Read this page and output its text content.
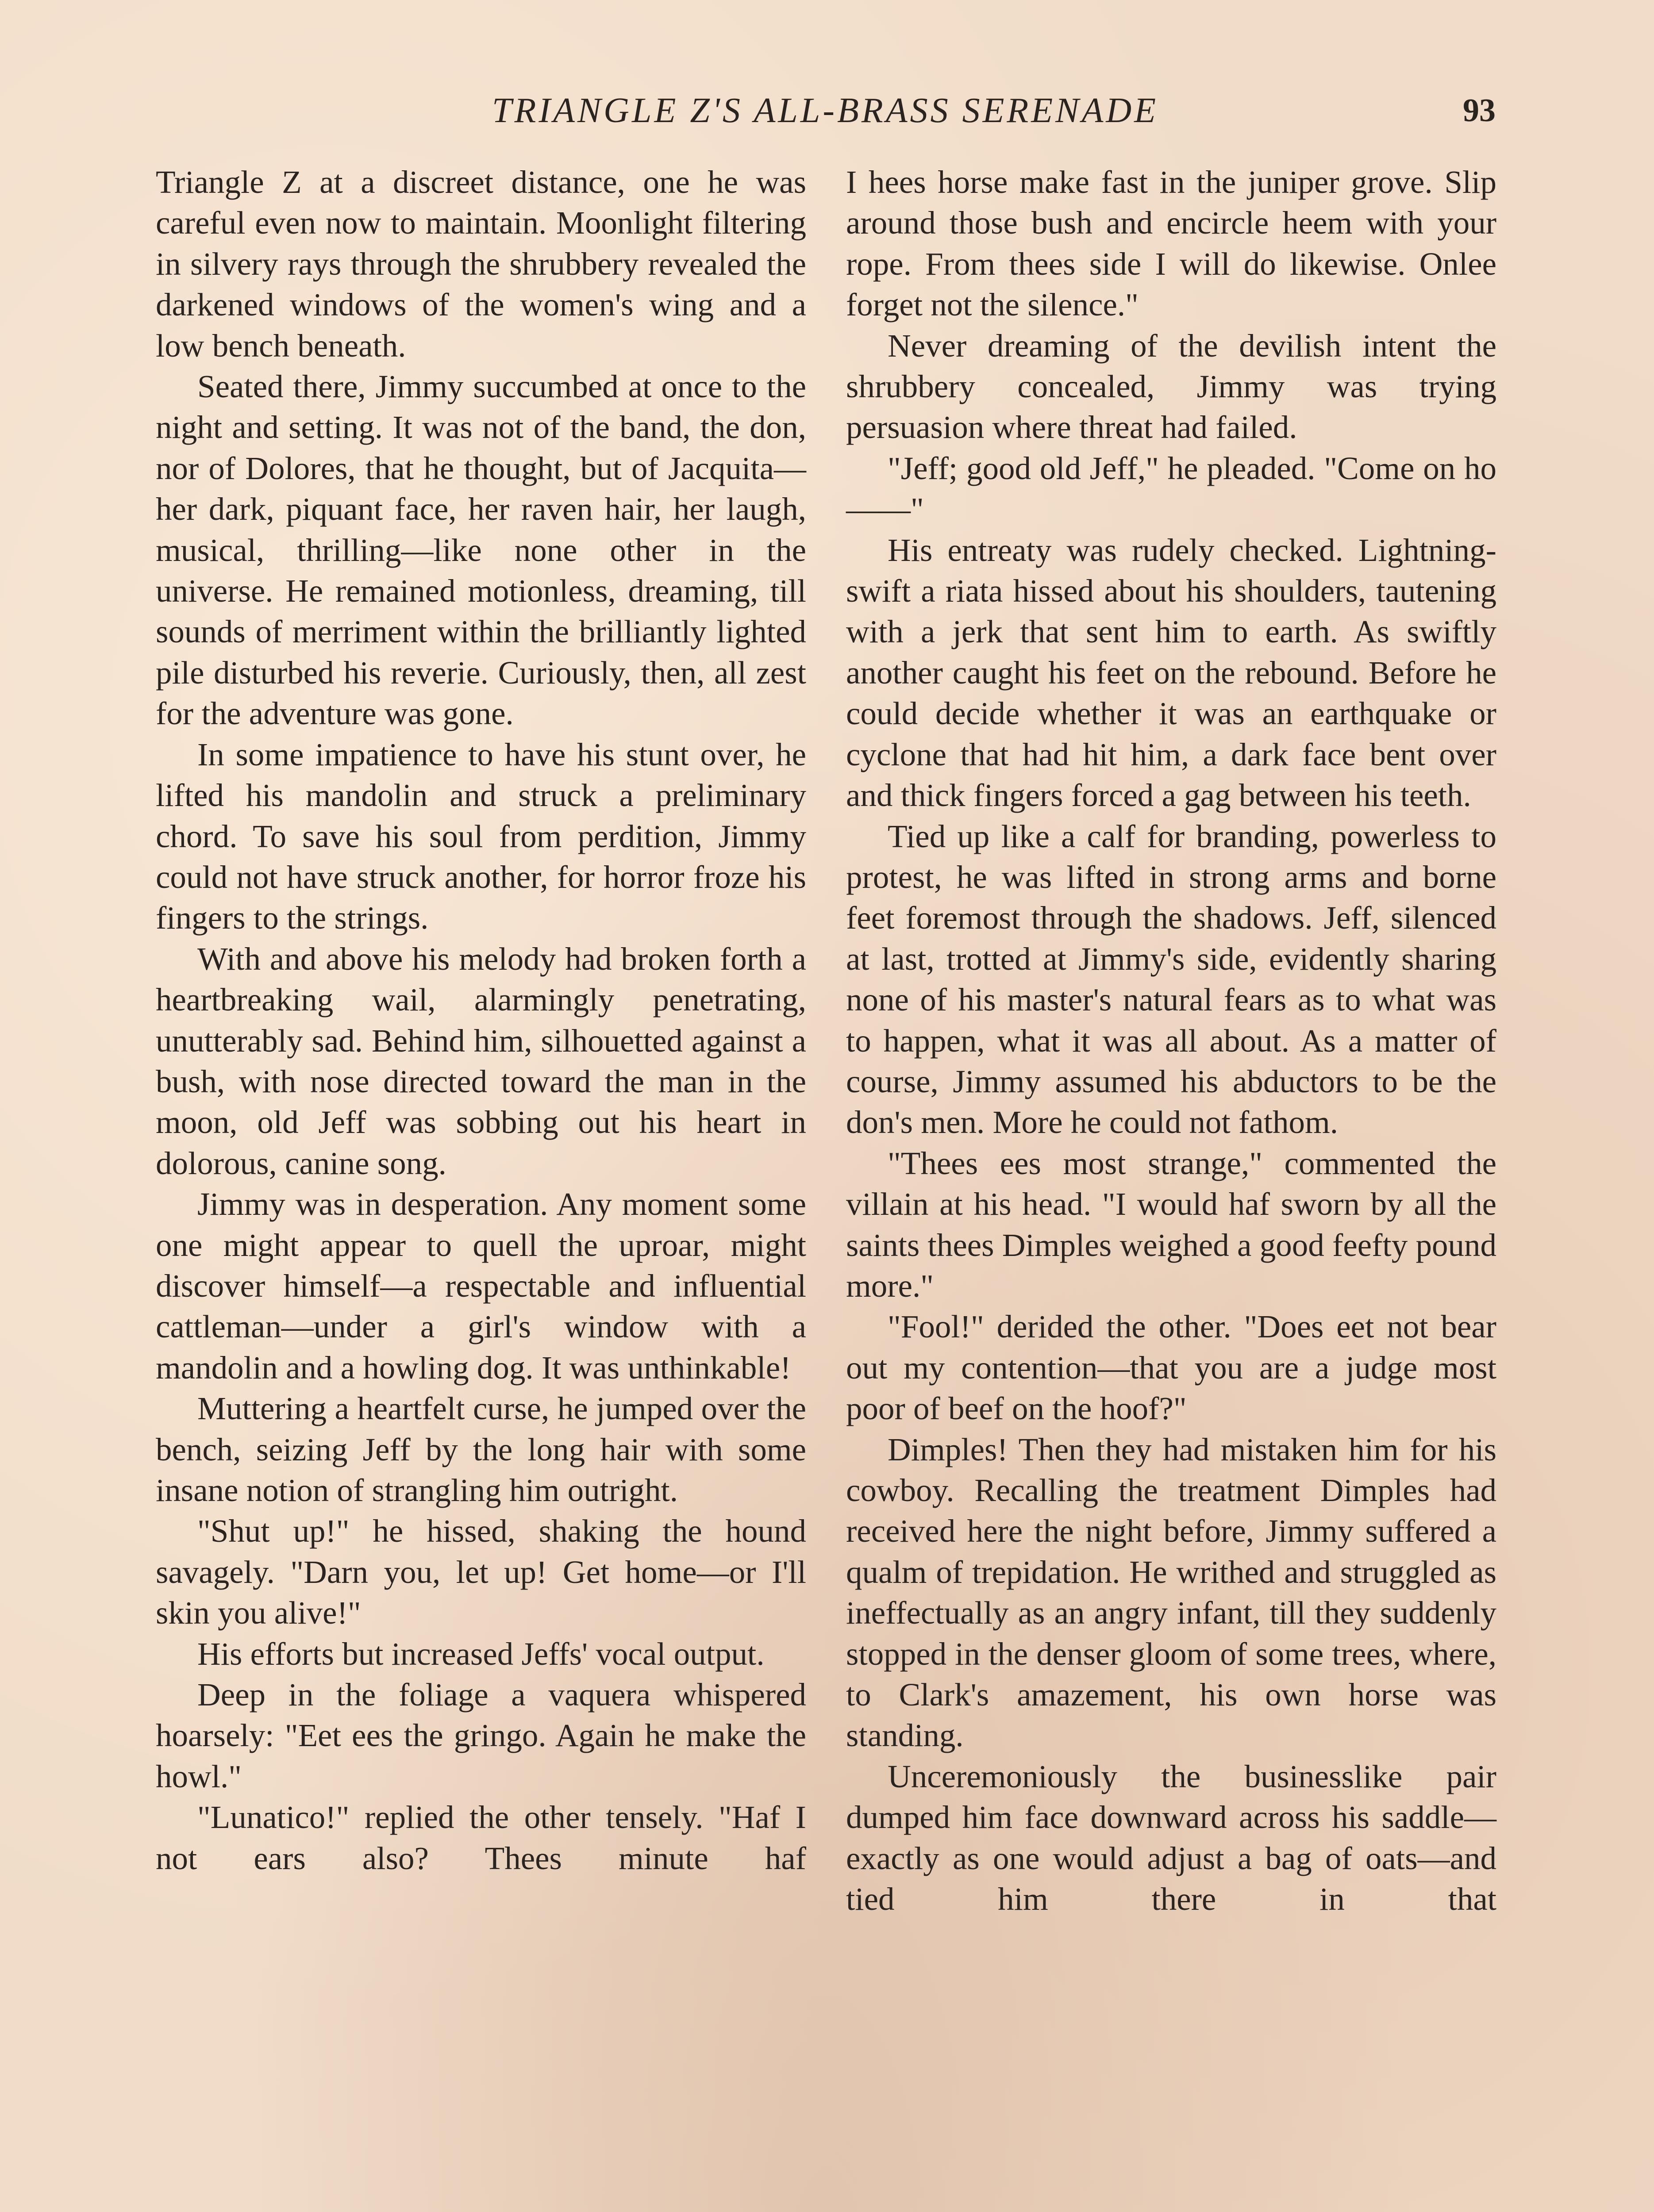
TRIANGLE Z'S ALL-BRASS SERENADE	93

Triangle Z at a discreet distance, one he was careful even now to maintain. Moonlight filtering in silvery rays through the shrubbery revealed the darkened windows of the women's wing and a low bench beneath.

Seated there, Jimmy succumbed at once to the night and setting. It was not of the band, the don, nor of Dolores, that he thought, but of Jacquita—her dark, piquant face, her raven hair, her laugh, musical, thrilling—like none other in the universe. He remained motionless, dreaming, till sounds of merriment within the brilliantly lighted pile disturbed his reverie. Curiously, then, all zest for the adventure was gone.

In some impatience to have his stunt over, he lifted his mandolin and struck a preliminary chord. To save his soul from perdition, Jimmy could not have struck another, for horror froze his fingers to the strings.

With and above his melody had broken forth a heartbreaking wail, alarmingly penetrating, unutterably sad. Behind him, silhouetted against a bush, with nose directed toward the man in the moon, old Jeff was sobbing out his heart in dolorous, canine song.

Jimmy was in desperation. Any moment some one might appear to quell the uproar, might discover himself—a respectable and influential cattleman—under a girl's window with a mandolin and a howling dog. It was unthinkable!

Muttering a heartfelt curse, he jumped over the bench, seizing Jeff by the long hair with some insane notion of strangling him outright.

"Shut up!" he hissed, shaking the hound savagely. "Darn you, let up! Get home—or I'll skin you alive!"

His efforts but increased Jeffs' vocal output.

Deep in the foliage a vaquera whispered hoarsely: "Eet ees the gringo. Again he make the howl."

"Lunatico!" replied the other tensely. "Haf I not ears also? Thees minute haf

I hees horse make fast in the juniper grove. Slip around those bush and encircle heem with your rope. From thees side I will do likewise. Onlee forget not the silence."

Never dreaming of the devilish intent the shrubbery concealed, Jimmy was trying persuasion where threat had failed.

"Jeff; good old Jeff," he pleaded. "Come on ho——"

His entreaty was rudely checked. Lightning-swift a riata hissed about his shoulders, tautening with a jerk that sent him to earth. As swiftly another caught his feet on the rebound. Before he could decide whether it was an earthquake or cyclone that had hit him, a dark face bent over and thick fingers forced a gag between his teeth.

Tied up like a calf for branding, powerless to protest, he was lifted in strong arms and borne feet foremost through the shadows. Jeff, silenced at last, trotted at Jimmy's side, evidently sharing none of his master's natural fears as to what was to happen, what it was all about. As a matter of course, Jimmy assumed his abductors to be the don's men. More he could not fathom.

"Thees ees most strange," commented the villain at his head. "I would haf sworn by all the saints thees Dimples weighed a good feefty pound more."

"Fool!" derided the other. "Does eet not bear out my contention—that you are a judge most poor of beef on the hoof?"

Dimples! Then they had mistaken him for his cowboy. Recalling the treatment Dimples had received here the night before, Jimmy suffered a qualm of trepidation. He writhed and struggled as ineffectually as an angry infant, till they suddenly stopped in the denser gloom of some trees, where, to Clark's amazement, his own horse was standing.

Unceremoniously the businesslike pair dumped him face downward across his saddle—exactly as one would adjust a bag of oats—and tied him there in that
